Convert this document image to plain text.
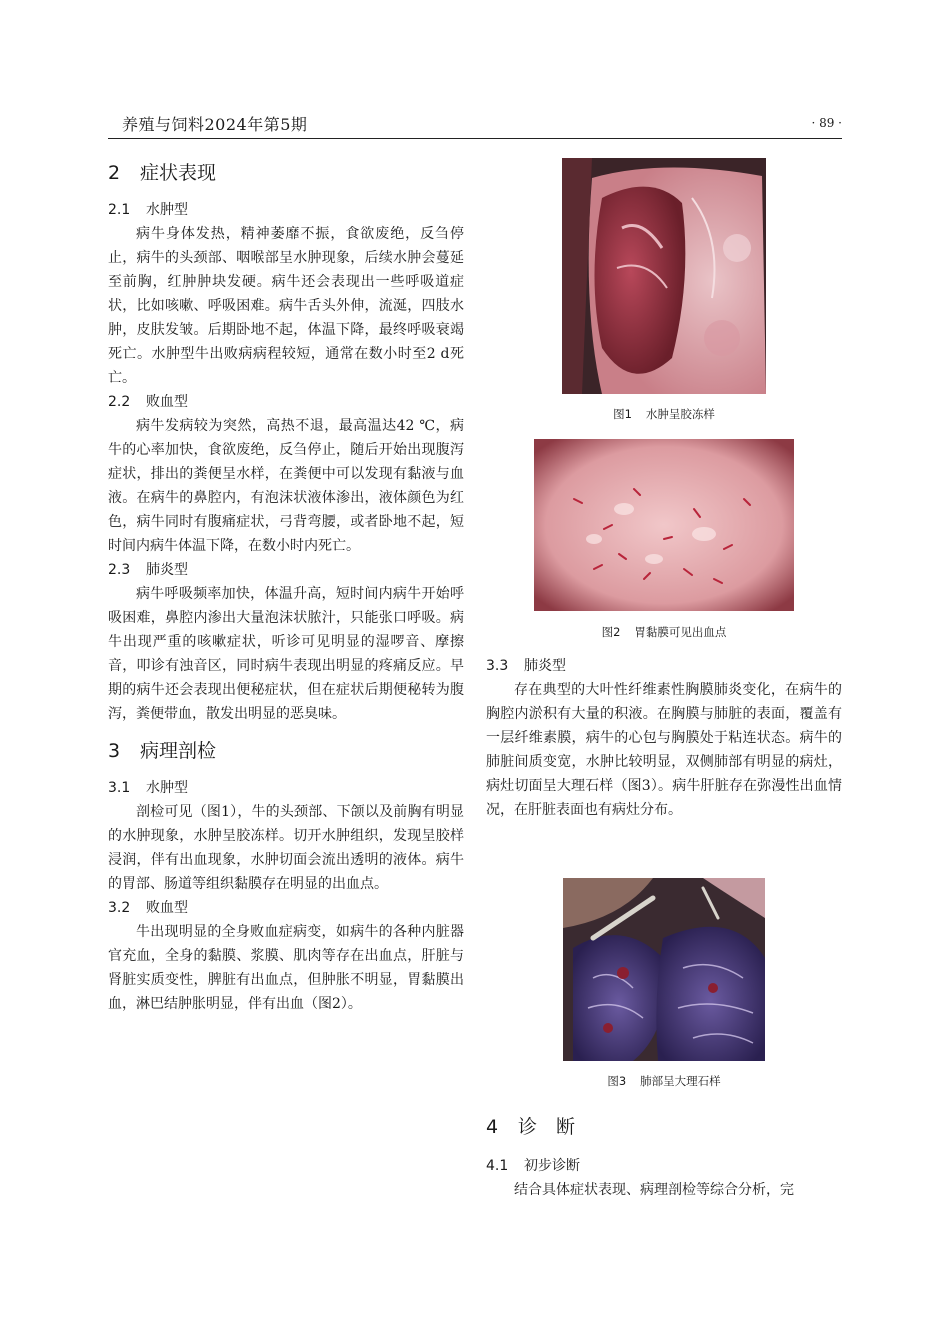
养殖与饲料2024年第5期	· 89 ·
2 症状表现
2.1 水肿型

病牛身体发热，精神萎靡不振，食欲废绝，反刍停止，病牛的头颈部、咽喉部呈水肿现象，后续水肿会蔓延至前胸，红肿肿块发硬。病牛还会表现出一些呼吸道症状，比如咳嗽、呼吸困难。病牛舌头外伸，流涎，四肢水肿，皮肤发皱。后期卧地不起，体温下降，最终呼吸衰竭死亡。水肿型牛出败病病程较短，通常在数小时至2 d死亡。

2.2 败血型

病牛发病较为突然，高热不退，最高温达42 ℃，病牛的心率加快，食欲废绝，反刍停止，随后开始出现腹泻症状，排出的粪便呈水样，在粪便中可以发现有黏液与血液。在病牛的鼻腔内，有泡沫状液体渗出，液体颜色为红色，病牛同时有腹痛症状，弓背弯腰，或者卧地不起，短时间内病牛体温下降，在数小时内死亡。

2.3 肺炎型

病牛呼吸频率加快，体温升高，短时间内病牛开始呼吸困难，鼻腔内渗出大量泡沫状脓汁，只能张口呼吸。病牛出现严重的咳嗽症状，听诊可见明显的湿啰音、摩擦音，叩诊有浊音区，同时病牛表现出明显的疼痛反应。早期的病牛还会表现出便秘症状，但在症状后期便秘转为腹泻，粪便带血，散发出明显的恶臭味。

3 病理剖检
3.1 水肿型

剖检可见（图1），牛的头颈部、下颌以及前胸有明显的水肿现象，水肿呈胶冻样。切开水肿组织，发现呈胶样浸润，伴有出血现象，水肿切面会流出透明的液体。病牛的胃部、肠道等组织黏膜存在明显的出血点。

3.2 败血型

牛出现明显的全身败血症病变，如病牛的各种内脏器官充血，全身的黏膜、浆膜、肌肉等存在出血点，肝脏与肾脏实质变性，脾脏有出血点，但肿胀不明显，胃黏膜出血，淋巴结肿胀明显，伴有出血（图2）。

图1 水肿呈胶冻样
图2 胃黏膜可见出血点
3.3 肺炎型

存在典型的大叶性纤维素性胸膜肺炎变化，在病牛的胸腔内淤积有大量的积液。在胸膜与肺脏的表面，覆盖有一层纤维素膜，病牛的心包与胸膜处于粘连状态。病牛的肺脏间质变宽，水肿比较明显，双侧肺部有明显的病灶，病灶切面呈大理石样（图3）。病牛肝脏存在弥漫性出血情况，在肝脏表面也有病灶分布。

图3 肺部呈大理石样
4 诊　断
4.1 初步诊断

结合具体症状表现、病理剖检等综合分析，完
